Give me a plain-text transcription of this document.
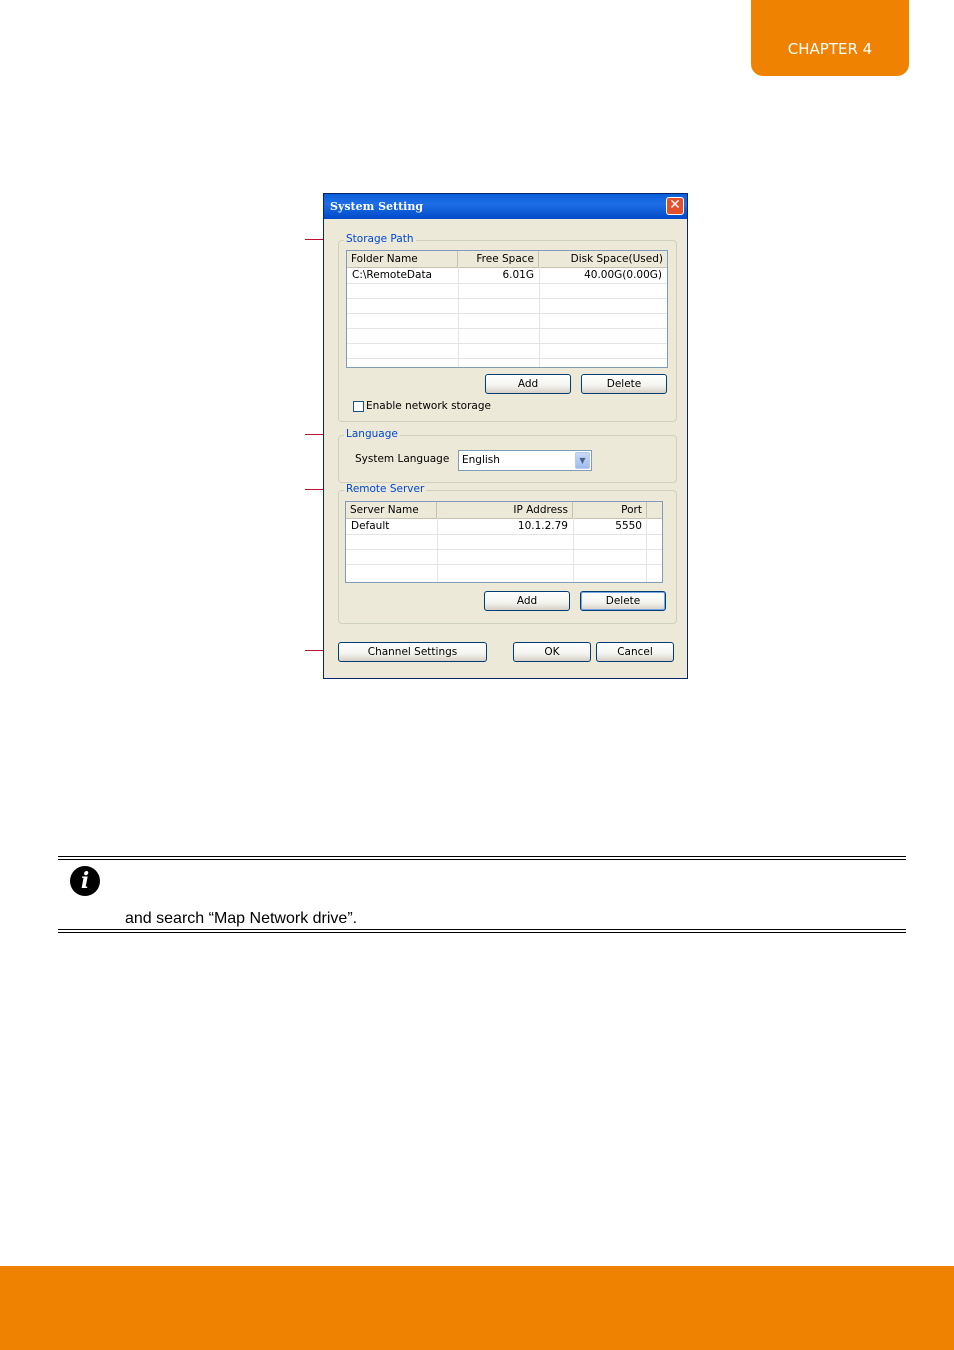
CHAPTER 4
System Setting	✕
Storage Path
Folder Name	Free Space	Disk Space(Used)
C:\RemoteData	6.01G	40.00G(0.00G)
Add	Delete
Enable network storage
Language
System Language English	▼
Remote Server
Server Name	IP Address	Port
Default	10.1.2.79	5550
Add	Delete
Channel Settings	OK	Cancel
i
and search “Map Network drive”.
